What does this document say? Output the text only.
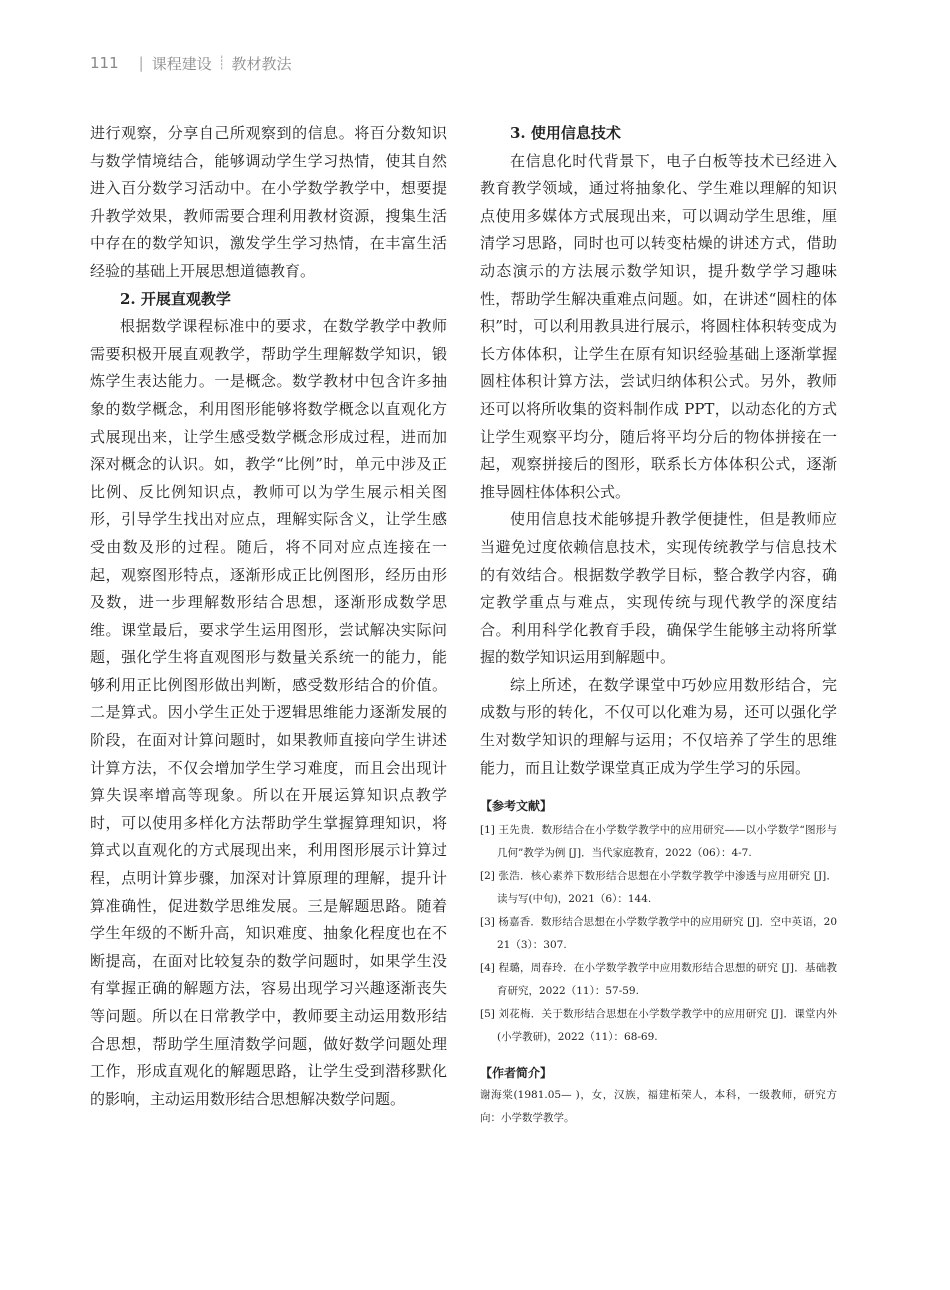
111 | 课程建设 ┊ 教材教法

进行观察，分享自己所观察到的信息。将百分数知识与数学情境结合，能够调动学生学习热情，使其自然进入百分数学习活动中。在小学数学教学中，想要提升教学效果，教师需要合理利用教材资源，搜集生活中存在的数学知识，激发学生学习热情，在丰富生活经验的基础上开展思想道德教育。

2. 开展直观教学

根据数学课程标准中的要求，在数学教学中教师需要积极开展直观教学，帮助学生理解数学知识，锻炼学生表达能力。一是概念。数学教材中包含许多抽象的数学概念，利用图形能够将数学概念以直观化方式展现出来，让学生感受数学概念形成过程，进而加深对概念的认识。如，教学“比例”时，单元中涉及正比例、反比例知识点，教师可以为学生展示相关图形，引导学生找出对应点，理解实际含义，让学生感受由数及形的过程。随后，将不同对应点连接在一起，观察图形特点，逐渐形成正比例图形，经历由形及数，进一步理解数形结合思想，逐渐形成数学思维。课堂最后，要求学生运用图形，尝试解决实际问题，强化学生将直观图形与数量关系统一的能力，能够利用正比例图形做出判断，感受数形结合的价值。二是算式。因小学生正处于逻辑思维能力逐渐发展的阶段，在面对计算问题时，如果教师直接向学生讲述计算方法，不仅会增加学生学习难度，而且会出现计算失误率增高等现象。所以在开展运算知识点教学时，可以使用多样化方法帮助学生掌握算理知识，将算式以直观化的方式展现出来，利用图形展示计算过程，点明计算步骤，加深对计算原理的理解，提升计算准确性，促进数学思维发展。三是解题思路。随着学生年级的不断升高，知识难度、抽象化程度也在不断提高，在面对比较复杂的数学问题时，如果学生没有掌握正确的解题方法，容易出现学习兴趣逐渐丧失等问题。所以在日常教学中，教师要主动运用数形结合思想，帮助学生厘清数学问题，做好数学问题处理工作，形成直观化的解题思路，让学生受到潜移默化的影响，主动运用数形结合思想解决数学问题。

3. 使用信息技术

在信息化时代背景下，电子白板等技术已经进入教育教学领域，通过将抽象化、学生难以理解的知识点使用多媒体方式展现出来，可以调动学生思维，厘清学习思路，同时也可以转变枯燥的讲述方式，借助动态演示的方法展示数学知识，提升数学学习趣味性，帮助学生解决重难点问题。如，在讲述“圆柱的体积”时，可以利用教具进行展示，将圆柱体积转变成为长方体体积，让学生在原有知识经验基础上逐渐掌握圆柱体积计算方法，尝试归纳体积公式。另外，教师还可以将所收集的资料制作成 PPT，以动态化的方式让学生观察平均分，随后将平均分后的物体拼接在一起，观察拼接后的图形，联系长方体体积公式，逐渐推导圆柱体体积公式。

使用信息技术能够提升教学便捷性，但是教师应当避免过度依赖信息技术，实现传统教学与信息技术的有效结合。根据数学教学目标，整合教学内容，确定教学重点与难点，实现传统与现代教学的深度结合。利用科学化教育手段，确保学生能够主动将所掌握的数学知识运用到解题中。

综上所述，在数学课堂中巧妙应用数形结合，完成数与形的转化，不仅可以化难为易，还可以强化学生对数学知识的理解与运用；不仅培养了学生的思维能力，而且让数学课堂真正成为学生学习的乐园。

【参考文献】

[1] 王先贵．数形结合在小学数学教学中的应用研究——以小学数学“图形与几何”教学为例 [J]．当代家庭教育，2022（06）：4-7.
[2] 张浩．核心素养下数形结合思想在小学数学教学中渗透与应用研究 [J]．读与写(中旬)，2021（6）：144.
[3] 杨嘉香．数形结合思想在小学数学教学中的应用研究 [J]．空中英语，2021（3）：307.
[4] 程璐，周春玲．在小学数学教学中应用数形结合思想的研究 [J]．基础教育研究，2022（11）：57-59.
[5] 刘花梅．关于数形结合思想在小学数学教学中的应用研究 [J]．课堂内外(小学教研)，2022（11）：68-69.

【作者简介】

谢海棠(1981.05— )，女，汉族，福建柘荣人，本科，一级教师，研究方向：小学数学教学。
